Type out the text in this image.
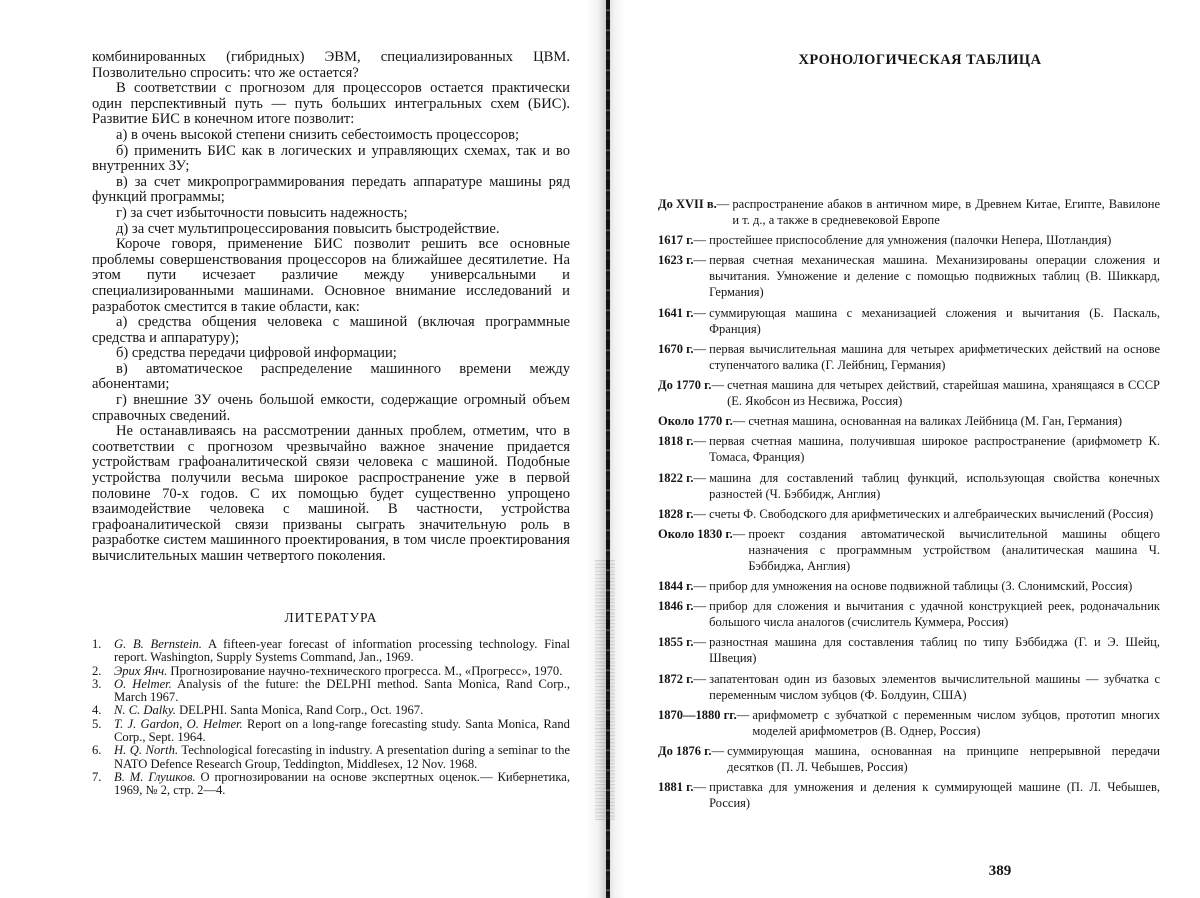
комбинированных (гибридных) ЭВМ, специализированных ЦВМ. Позволительно спросить: что же остается?

В соответствии с прогнозом для процессоров остается практически один перспективный путь — путь больших интегральных схем (БИС). Развитие БИС в конечном итоге позволит:

а) в очень высокой степени снизить себестоимость процессоров;

б) применить БИС как в логических и управляющих схемах, так и во внутренних ЗУ;

в) за счет микропрограммирования передать аппаратуре машины ряд функций программы;

г) за счет избыточности повысить надежность;

д) за счет мультипроцессирования повысить быстродействие.

Короче говоря, применение БИС позволит решить все основные проблемы совершенствования процессоров на ближайшее десятилетие. На этом пути исчезает различие между универсальными и специализированными машинами. Основное внимание исследований и разработок сместится в такие области, как:

а) средства общения человека с машиной (включая программные средства и аппаратуру);

б) средства передачи цифровой информации;

в) автоматическое распределение машинного времени между абонентами;

г) внешние ЗУ очень большой емкости, содержащие огромный объем справочных сведений.

Не останавливаясь на рассмотрении данных проблем, отметим, что в соответствии с прогнозом чрезвычайно важное значение придается устройствам графоаналитической связи человека с машиной. Подобные устройства получили весьма широкое распространение уже в первой половине 70-х годов. С их помощью будет существенно упрощено взаимодействие человека с машиной. В частности, устройства графоаналитической связи призваны сыграть значительную роль в разработке систем машинного проектирования, в том числе проектирования вычислительных машин четвертого поколения.

ЛИТЕРАТУРА

1. G. B. Bernstein. A fifteen-year forecast of information processing technology. Final report. Washington, Supply Systems Command, Jan., 1969.

2. Эрих Янч. Прогнозирование научно-технического прогресса. М., «Прогресс», 1970.

3. O. Helmer. Analysis of the future: the DELPHI method. Santa Monica, Rand Corp., March 1967.

4. N. C. Dalky. DELPHI. Santa Monica, Rand Corp., Oct. 1967.

5. T. J. Gardon, O. Helmer. Report on a long-range forecasting study. Santa Monica, Rand Corp., Sept. 1964.

6. H. Q. North. Technological forecasting in industry. A presentation during a seminar to the NATO Defence Research Group, Teddington, Middlesex, 12 Nov. 1968.

7. В. М. Глушков. О прогнозировании на основе экспертных оценок.— Кибернетика, 1969, № 2, стр. 2—4.

ХРОНОЛОГИЧЕСКАЯ ТАБЛИЦА
До XVII в. — распространение абаков в античном мире, в Древнем Китае, Египте, Вавилоне и т. д., а также в средневековой Европе
1617 г. — простейшее приспособление для умножения (палочки Непера, Шотландия)
1623 г. — первая счетная механическая машина. Механизированы операции сложения и вычитания. Умножение и деление с помощью подвижных таблиц (В. Шиккард, Германия)
1641 г. — суммирующая машина с механизацией сложения и вычитания (Б. Паскаль, Франция)
1670 г. — первая вычислительная машина для четырех арифметических действий на основе ступенчатого валика (Г. Лейбниц, Германия)
До 1770 г. — счетная машина для четырех действий, старейшая машина, хранящаяся в СССР (Е. Якобсон из Несвижа, Россия)
Около 1770 г. — счетная машина, основанная на валиках Лейбница (М. Ган, Германия)
1818 г. — первая счетная машина, получившая широкое распространение (арифмометр К. Томаса, Франция)
1822 г. — машина для составлений таблиц функций, использующая свойства конечных разностей (Ч. Бэббидж, Англия)
1828 г. — счеты Ф. Свободского для арифметических и алгебраических вычислений (Россия)
Около 1830 г. — проект создания автоматической вычислительной машины общего назначения с программным устройством (аналитическая машина Ч. Бэббиджа, Англия)
1844 г. — прибор для умножения на основе подвижной таблицы (З. Слонимский, Россия)
1846 г. — прибор для сложения и вычитания с удачной конструкцией реек, родоначальник большого числа аналогов (счислитель Куммера, Россия)
1855 г. — разностная машина для составления таблиц по типу Бэббиджа (Г. и Э. Шейц, Швеция)
1872 г. — запатентован один из базовых элементов вычислительной машины — зубчатка с переменным числом зубцов (Ф. Болдуин, США)
1870—1880 гг. — арифмометр с зубчаткой с переменным числом зубцов, прототип многих моделей арифмометров (В. Однер, Россия)
До 1876 г. — суммирующая машина, основанная на принципе непрерывной передачи десятков (П. Л. Чебышев, Россия)
1881 г. — приставка для умножения и деления к суммирующей машине (П. Л. Чебышев, Россия)
389
